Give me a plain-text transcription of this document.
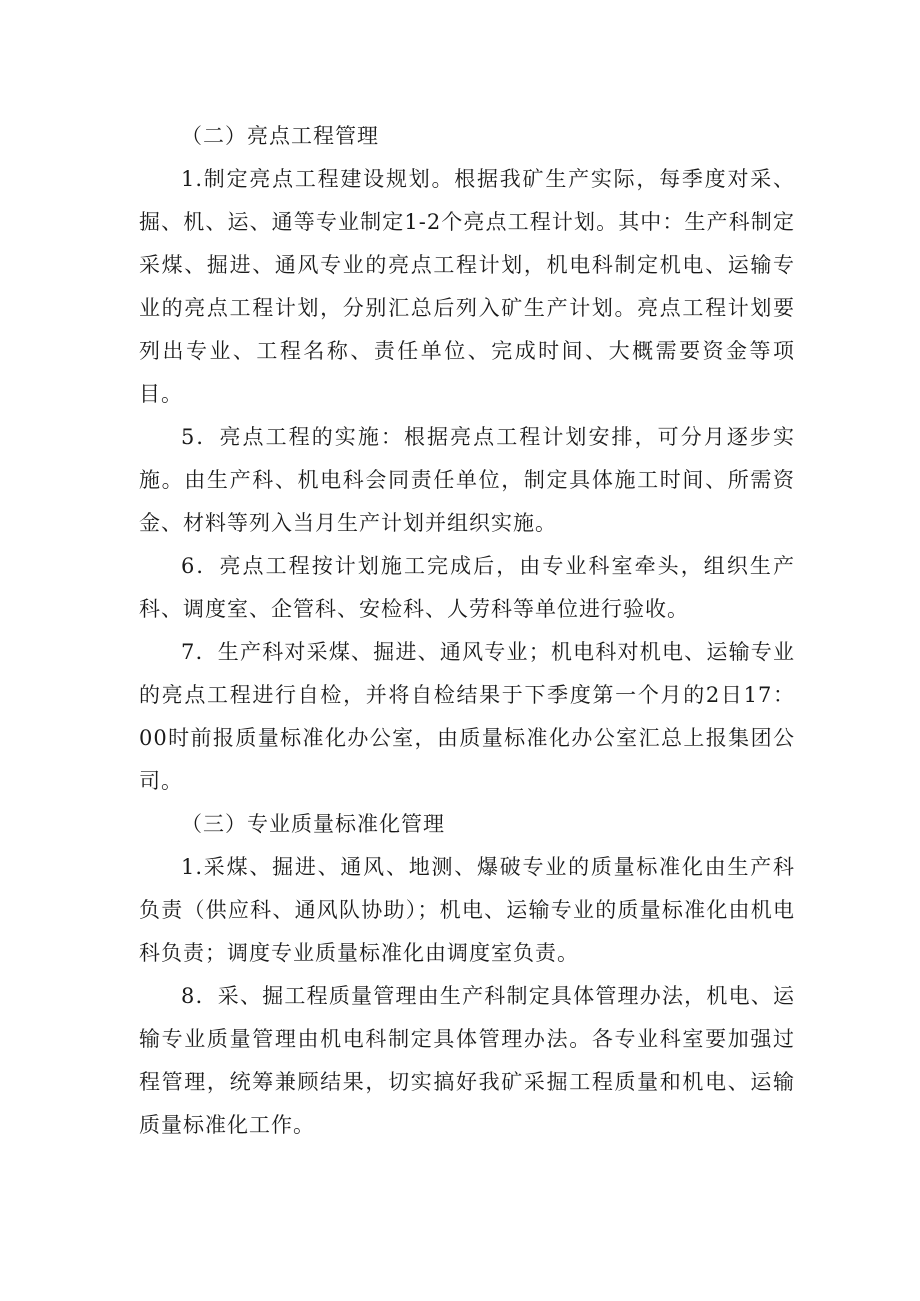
（二）亮点工程管理

1.制定亮点工程建设规划。根据我矿生产实际，每季度对采、掘、机、运、通等专业制定1-2个亮点工程计划。其中：生产科制定采煤、掘进、通风专业的亮点工程计划，机电科制定机电、运输专业的亮点工程计划，分别汇总后列入矿生产计划。亮点工程计划要列出专业、工程名称、责任单位、完成时间、大概需要资金等项目。

5．亮点工程的实施：根据亮点工程计划安排，可分月逐步实施。由生产科、机电科会同责任单位，制定具体施工时间、所需资金、材料等列入当月生产计划并组织实施。

6．亮点工程按计划施工完成后，由专业科室牵头，组织生产科、调度室、企管科、安检科、人劳科等单位进行验收。

7．生产科对采煤、掘进、通风专业；机电科对机电、运输专业的亮点工程进行自检，并将自检结果于下季度第一个月的2日17：00时前报质量标准化办公室，由质量标准化办公室汇总上报集团公司。

（三）专业质量标准化管理

1.采煤、掘进、通风、地测、爆破专业的质量标准化由生产科负责（供应科、通风队协助）；机电、运输专业的质量标准化由机电科负责；调度专业质量标准化由调度室负责。

8．采、掘工程质量管理由生产科制定具体管理办法，机电、运输专业质量管理由机电科制定具体管理办法。各专业科室要加强过程管理，统筹兼顾结果，切实搞好我矿采掘工程质量和机电、运输质量标准化工作。
